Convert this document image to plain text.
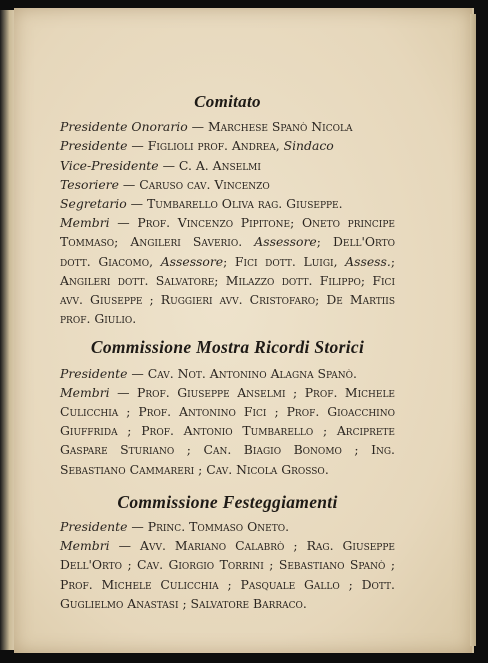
Comitato

Presidente Onorario — Marchese Spanò Nicola

Presidente — Figlioli prof. Andrea, Sindaco

Vice-Presidente — C. A. Anselmi

Tesoriere — Caruso cav. Vincenzo

Segretario — Tumbarello Oliva rag. Giuseppe.

Membri — Prof. Vincenzo Pipitone; Oneto principe Tommaso; Angileri Saverio. Assessore; Dell'Orto dott. Giacomo, Assessore; Fici dott. Luigi, Assess.; Angileri dott. Salvatore; Milazzo dott. Filippo; Fici avv. Giuseppe ; Ruggieri avv. Cristofaro; De Martiis prof. Giulio.

Commissione Mostra Ricordi Storici

Presidente — Cav. Not. Antonino Alagna Spanò.

Membri — Prof. Giuseppe Anselmi ; Prof. Michele Culicchia ; Prof. Antonino Fici ; Prof. Gioacchino Giuffrida ; Prof. Antonio Tumbarello ; Arciprete Gaspare Sturiano ; Can. Biagio Bonomo ; Ing. Sebastiano Cammareri ; Cav. Nicola Grosso.

Commissione Festeggiamenti

Presidente — Princ. Tommaso Oneto.

Membri — Avv. Mariano Calabrò ; Rag. Giuseppe Dell'Orto ; Cav. Giorgio Torrini ; Sebastiano Spanò ; Prof. Michele Culicchia ; Pasquale Gallo ; Dott. Guglielmo Anastasi ; Salvatore Barraco.
